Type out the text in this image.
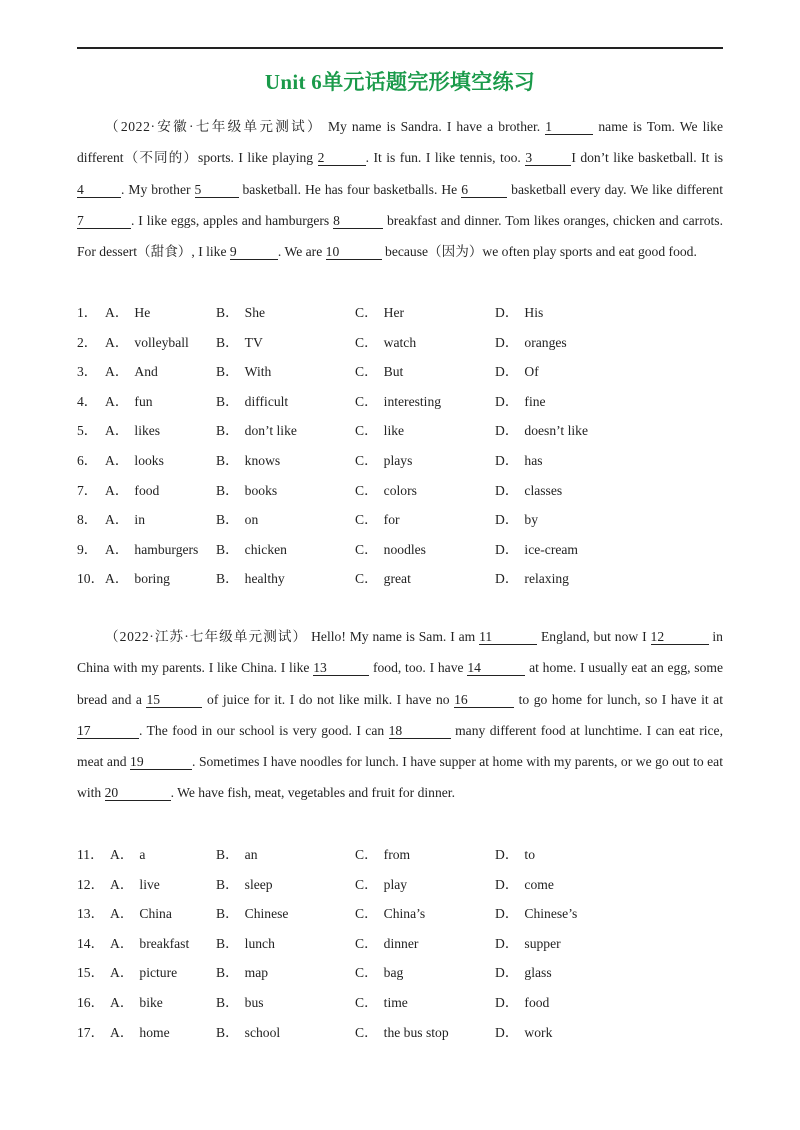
Unit 6单元话题完形填空练习
（2022·安徽·七年级单元测试） My name is Sandra. I have a brother. 1	name is Tom. We like different（不同的）sports. I like playing 2	. It is fun. I like tennis, too. 3	I don’t like basketball. It is 4	. My brother 5	basketball. He has four basketballs. He 6	basketball every day. We like different 7	. I like eggs, apples and hamburgers 8	breakfast and dinner. Tom likes oranges, chicken and carrots. For dessert（甜食）, I like 9	. We are 10	because（因为）we often play sports and eat good food.
1． A． He	B． She	C． Her	D． His
2． A． volleyball B． TV	C． watch	D． oranges
3． A． And	B． With	C． But	D． Of
4． A． fun	B． difficult	C． interesting	D． fine
5． A． likes	B． don’t like	C． like	D． doesn’t like
6． A． looks	B． knows	C． plays	D． has
7． A． food	B． books	C． colors	D． classes
8． A． in	B． on	C． for	D． by
9． A． hamburgers B． chicken	C． noodles	D． ice-cream
10． A． boring	B． healthy	C． great	D． relaxing
（2022·江苏·七年级单元测试） Hello! My name is Sam. I am 11	England, but now I 12	in China with my parents. I like China. I like 13	food, too. I have 14	at home. I usually eat an egg, some bread and a 15	of juice for it. I do not like milk. I have no 16	to go home for lunch, so I have it at 17	. The food in our school is very good. I can 18	many different food at lunchtime. I can eat rice, meat and 19	. Sometimes I have noodles for lunch. I have supper at home with my parents, or we go out to eat with 20	. We have fish, meat, vegetables and fruit for dinner.
11． A． a	B． an	C． from	D． to
12． A． live	B． sleep	C． play	D． come
13． A． China	B． Chinese	C． China’s	D． Chinese’s
14． A． breakfast B． lunch	C． dinner	D． supper
15． A． picture	B． map	C． bag	D． glass
16． A． bike	B． bus	C． time	D． food
17． A． home	B． school	C． the bus stop	D． work
